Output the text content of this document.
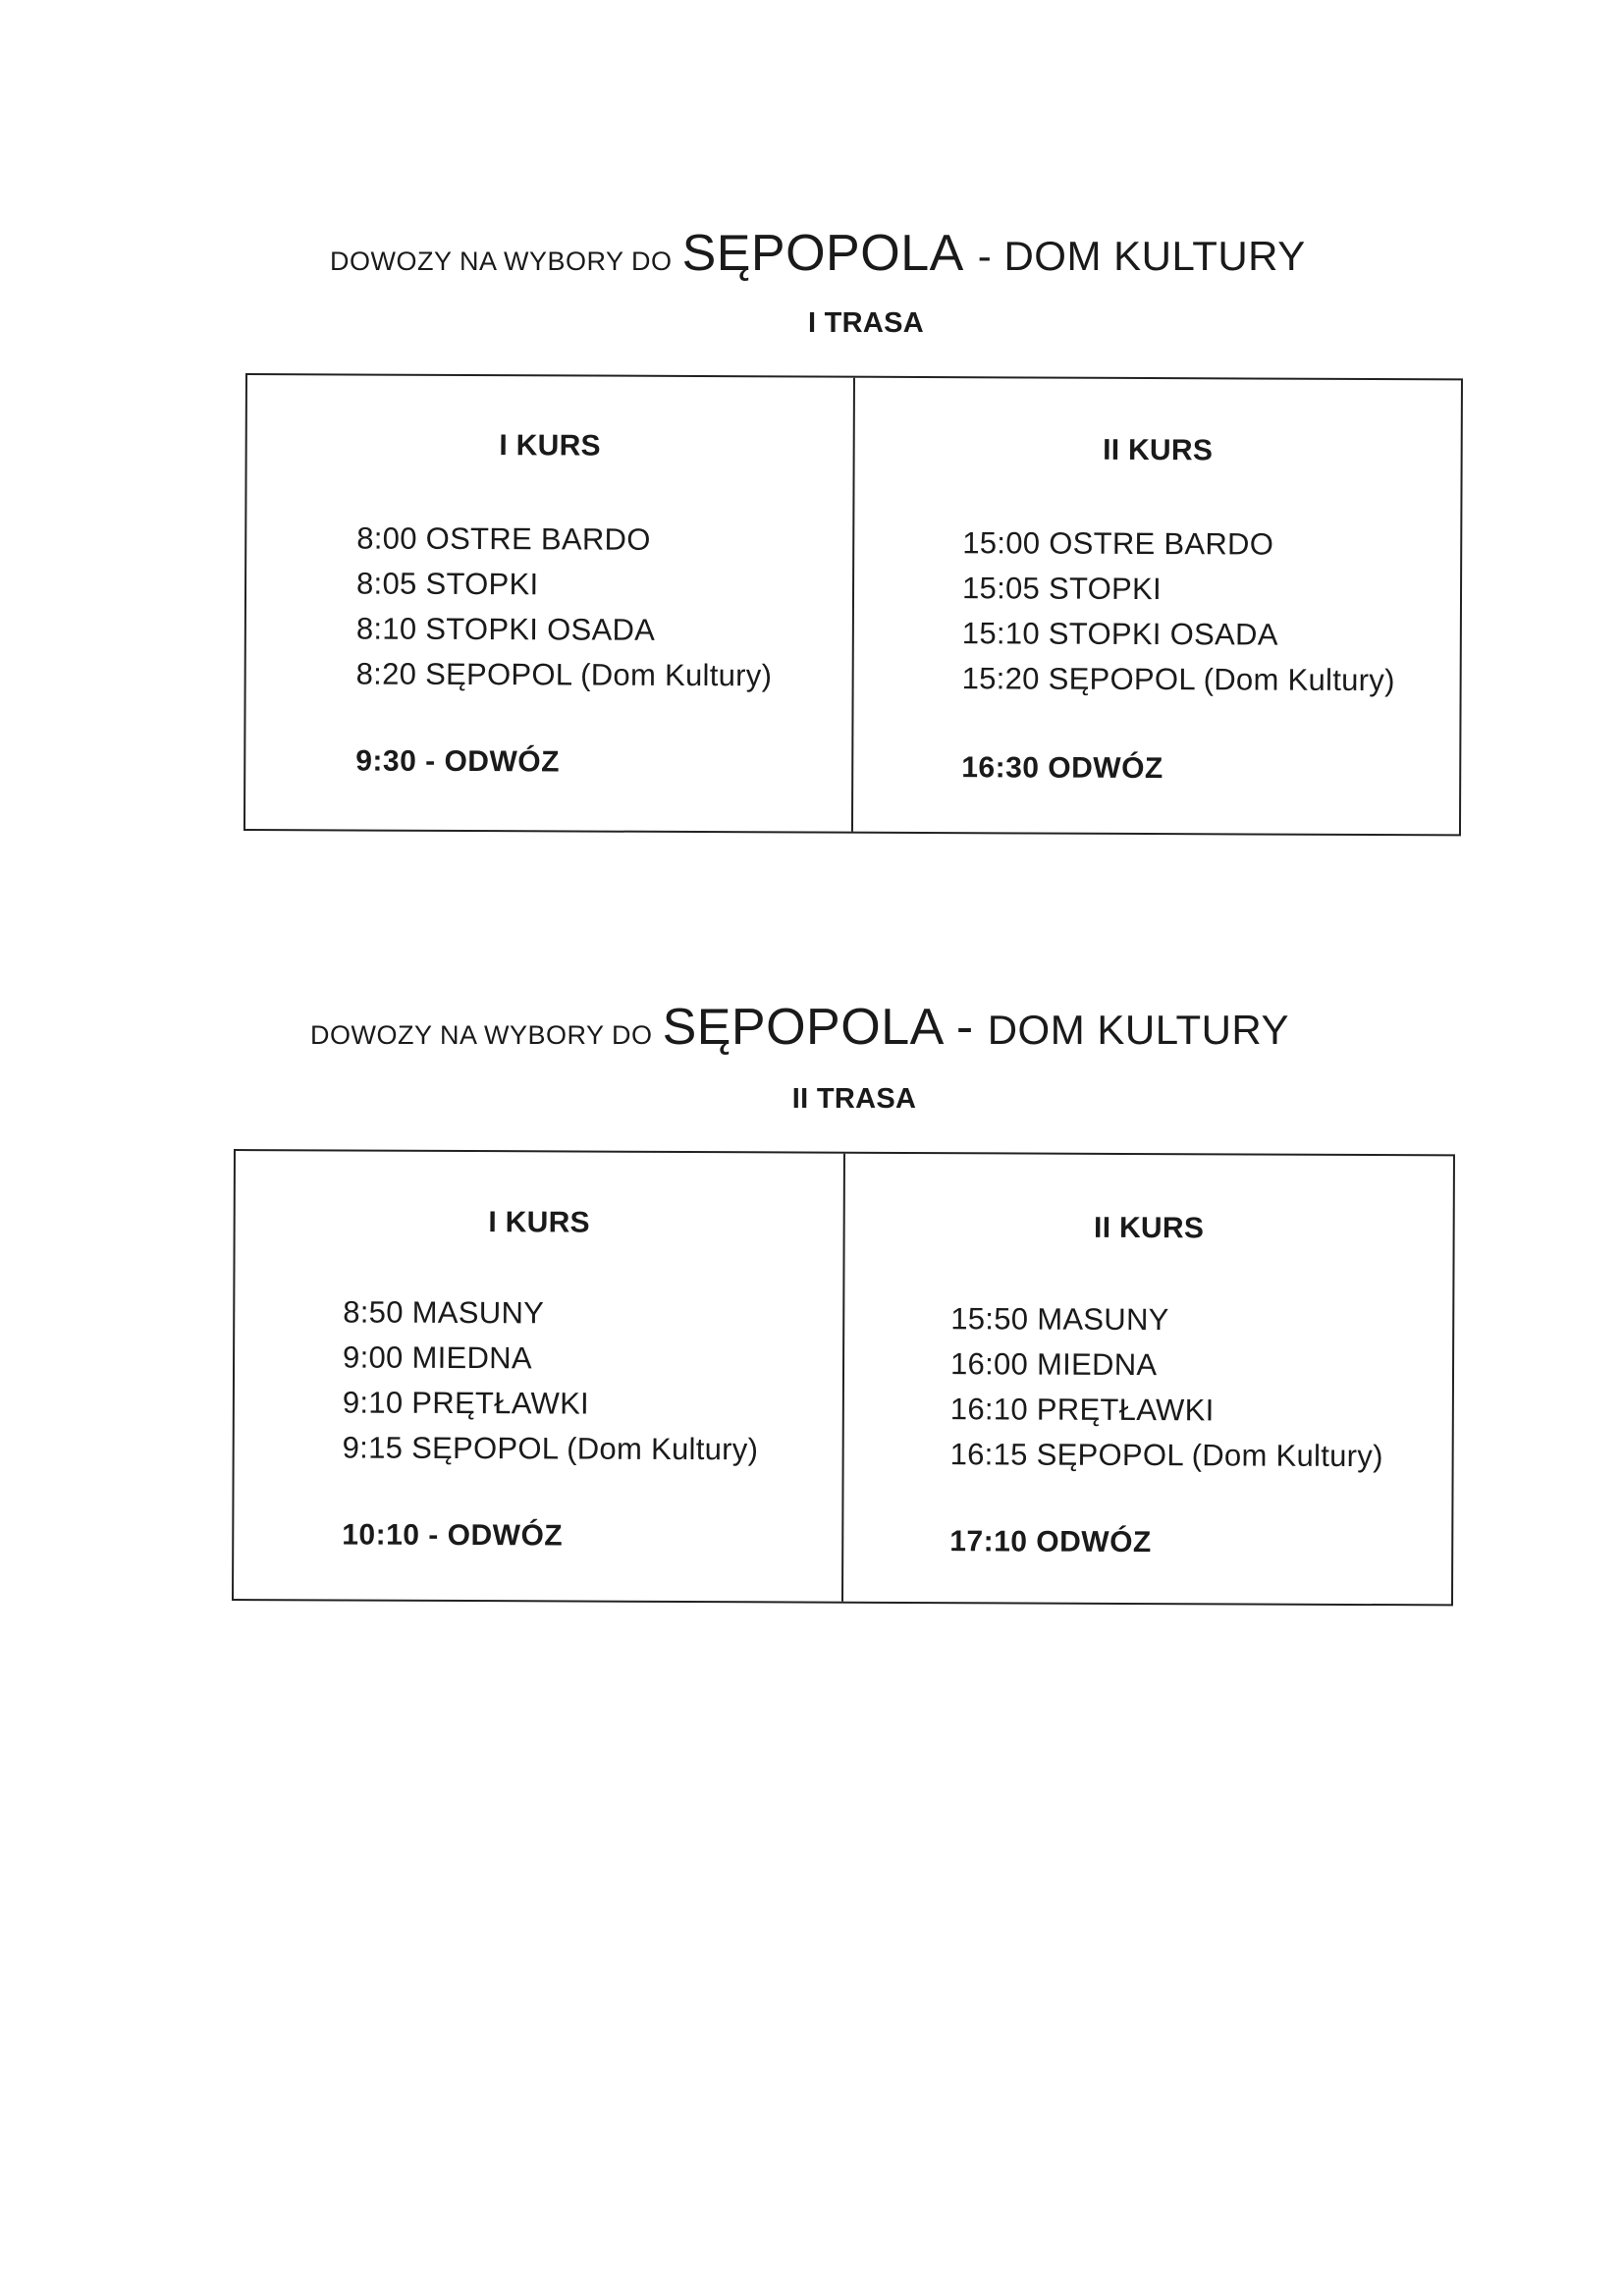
DOWOZY NA WYBORY DO SĘPOPOLA - DOM KULTURY
I TRASA
I KURS
8:00 OSTRE BARDO
8:05 STOPKI
8:10 STOPKI OSADA
8:20 SĘPOPOL (Dom Kultury)
9:30 - ODWÓZ
II KURS
15:00 OSTRE BARDO
15:05 STOPKI
15:10 STOPKI OSADA
15:20 SĘPOPOL (Dom Kultury)
16:30 ODWÓZ
DOWOZY NA WYBORY DO SĘPOPOLA - DOM KULTURY
II TRASA
I KURS
8:50 MASUNY
9:00 MIEDNA
9:10 PRĘTŁAWKI
9:15 SĘPOPOL (Dom Kultury)
10:10 - ODWÓZ
II KURS
15:50 MASUNY
16:00 MIEDNA
16:10 PRĘTŁAWKI
16:15 SĘPOPOL (Dom Kultury)
17:10 ODWÓZ
